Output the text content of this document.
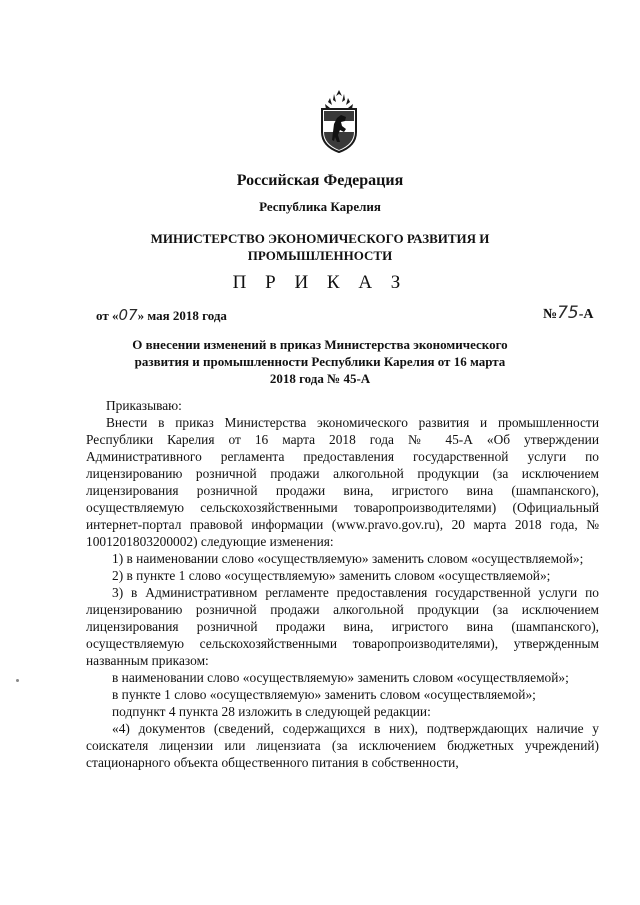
Российская Федерация
Республика Карелия
МИНИСТЕРСТВО ЭКОНОМИЧЕСКОГО РАЗВИТИЯ И ПРОМЫШЛЕННОСТИ
П Р И К А З
от «07» мая 2018 года	№75-А
О внесении изменений в приказ Министерства экономического развития и промышленности Республики Карелия от 16 марта 2018 года № 45-А

Приказываю:

Внести в приказ Министерства экономического развития и промышленности Республики Карелия от 16 марта 2018 года № 45-А «Об утверждении Административного регламента предоставления государственной услуги по лицензированию розничной продажи алкогольной продукции (за исключением лицензирования розничной продажи вина, игристого вина (шампанского), осуществляемую сельскохозяйственными товаропроизводителями) (Официальный интернет-портал правовой информации (www.pravo.gov.ru), 20 марта 2018 года, № 1001201803200002) следующие изменения:

1) в наименовании слово «осуществляемую» заменить словом «осуществляемой»;

2) в пункте 1 слово «осуществляемую» заменить словом «осуществляемой»;

3) в Административном регламенте предоставления государственной услуги по лицензированию розничной продажи алкогольной продукции (за исключением лицензирования розничной продажи вина, игристого вина (шампанского), осуществляемую сельскохозяйственными товаропроизводителями), утвержденным названным приказом:

в наименовании слово «осуществляемую» заменить словом «осуществляемой»;

в пункте 1 слово «осуществляемую» заменить словом «осуществляемой»;

подпункт 4 пункта 28 изложить в следующей редакции:

«4) документов (сведений, содержащихся в них), подтверждающих наличие у соискателя лицензии или лицензиата (за исключением бюджетных учреждений) стационарного объекта общественного питания в собственности,
